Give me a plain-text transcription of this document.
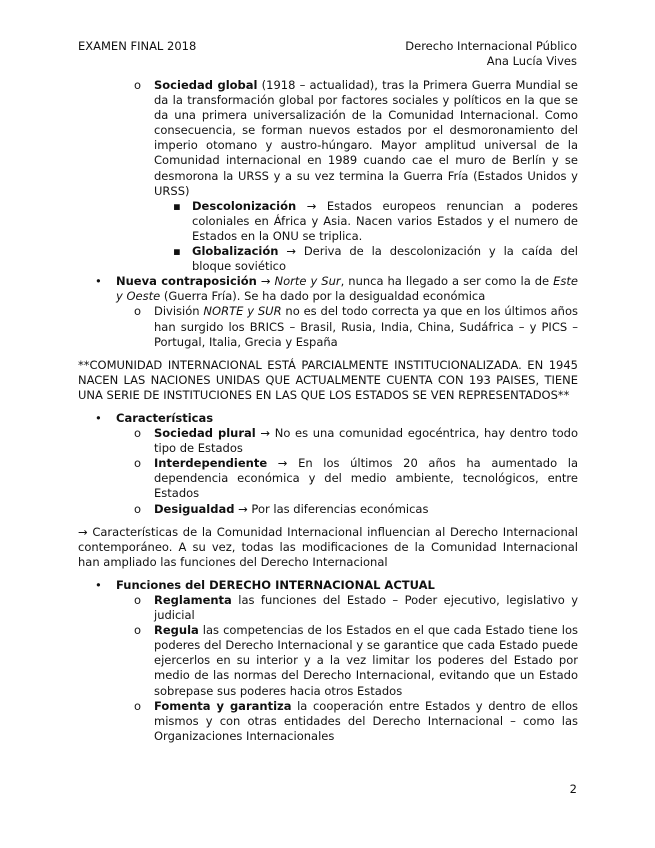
EXAMEN FINAL 2018	Derecho Internacional Público
Ana Lucía Vives
o Sociedad global (1918 – actualidad), tras la Primera Guerra Mundial se da la transformación global por factores sociales y políticos en la que se da una primera universalización de la Comunidad Internacional. Como consecuencia, se forman nuevos estados por el desmoronamiento del imperio otomano y austro-húngaro. Mayor amplitud universal de la Comunidad internacional en 1989 cuando cae el muro de Berlín y se desmorona la URSS y a su vez termina la Guerra Fría (Estados Unidos y URSS)
▪ Descolonización → Estados europeos renuncian a poderes coloniales en África y Asia. Nacen varios Estados y el numero de Estados en la ONU se triplica.
▪ Globalización → Deriva de la descolonización y la caída del bloque soviético
• Nueva contraposición → Norte y Sur, nunca ha llegado a ser como la de Este y Oeste (Guerra Fría). Se ha dado por la desigualdad económica
o División NORTE y SUR no es del todo correcta ya que en los últimos años han surgido los BRICS – Brasil, Rusia, India, China, Sudáfrica – y PICS – Portugal, Italia, Grecia y España
**COMUNIDAD INTERNACIONAL ESTÁ PARCIALMENTE INSTITUCIONALIZADA. EN 1945 NACEN LAS NACIONES UNIDAS QUE ACTUALMENTE CUENTA CON 193 PAISES, TIENE UNA SERIE DE INSTITUCIONES EN LAS QUE LOS ESTADOS SE VEN REPRESENTADOS**
• Características
o Sociedad plural → No es una comunidad egocéntrica, hay dentro todo tipo de Estados
o Interdependiente → En los últimos 20 años ha aumentado la dependencia económica y del medio ambiente, tecnológicos, entre Estados
o Desigualdad → Por las diferencias económicas
→ Características de la Comunidad Internacional influencian al Derecho Internacional contemporáneo. A su vez, todas las modificaciones de la Comunidad Internacional han ampliado las funciones del Derecho Internacional
• Funciones del DERECHO INTERNACIONAL ACTUAL
o Reglamenta las funciones del Estado – Poder ejecutivo, legislativo y judicial
o Regula las competencias de los Estados en el que cada Estado tiene los poderes del Derecho Internacional y se garantice que cada Estado puede ejercerlos en su interior y a la vez limitar los poderes del Estado por medio de las normas del Derecho Internacional, evitando que un Estado sobrepase sus poderes hacia otros Estados
o Fomenta y garantiza la cooperación entre Estados y dentro de ellos mismos y con otras entidades del Derecho Internacional – como las Organizaciones Internacionales
2
